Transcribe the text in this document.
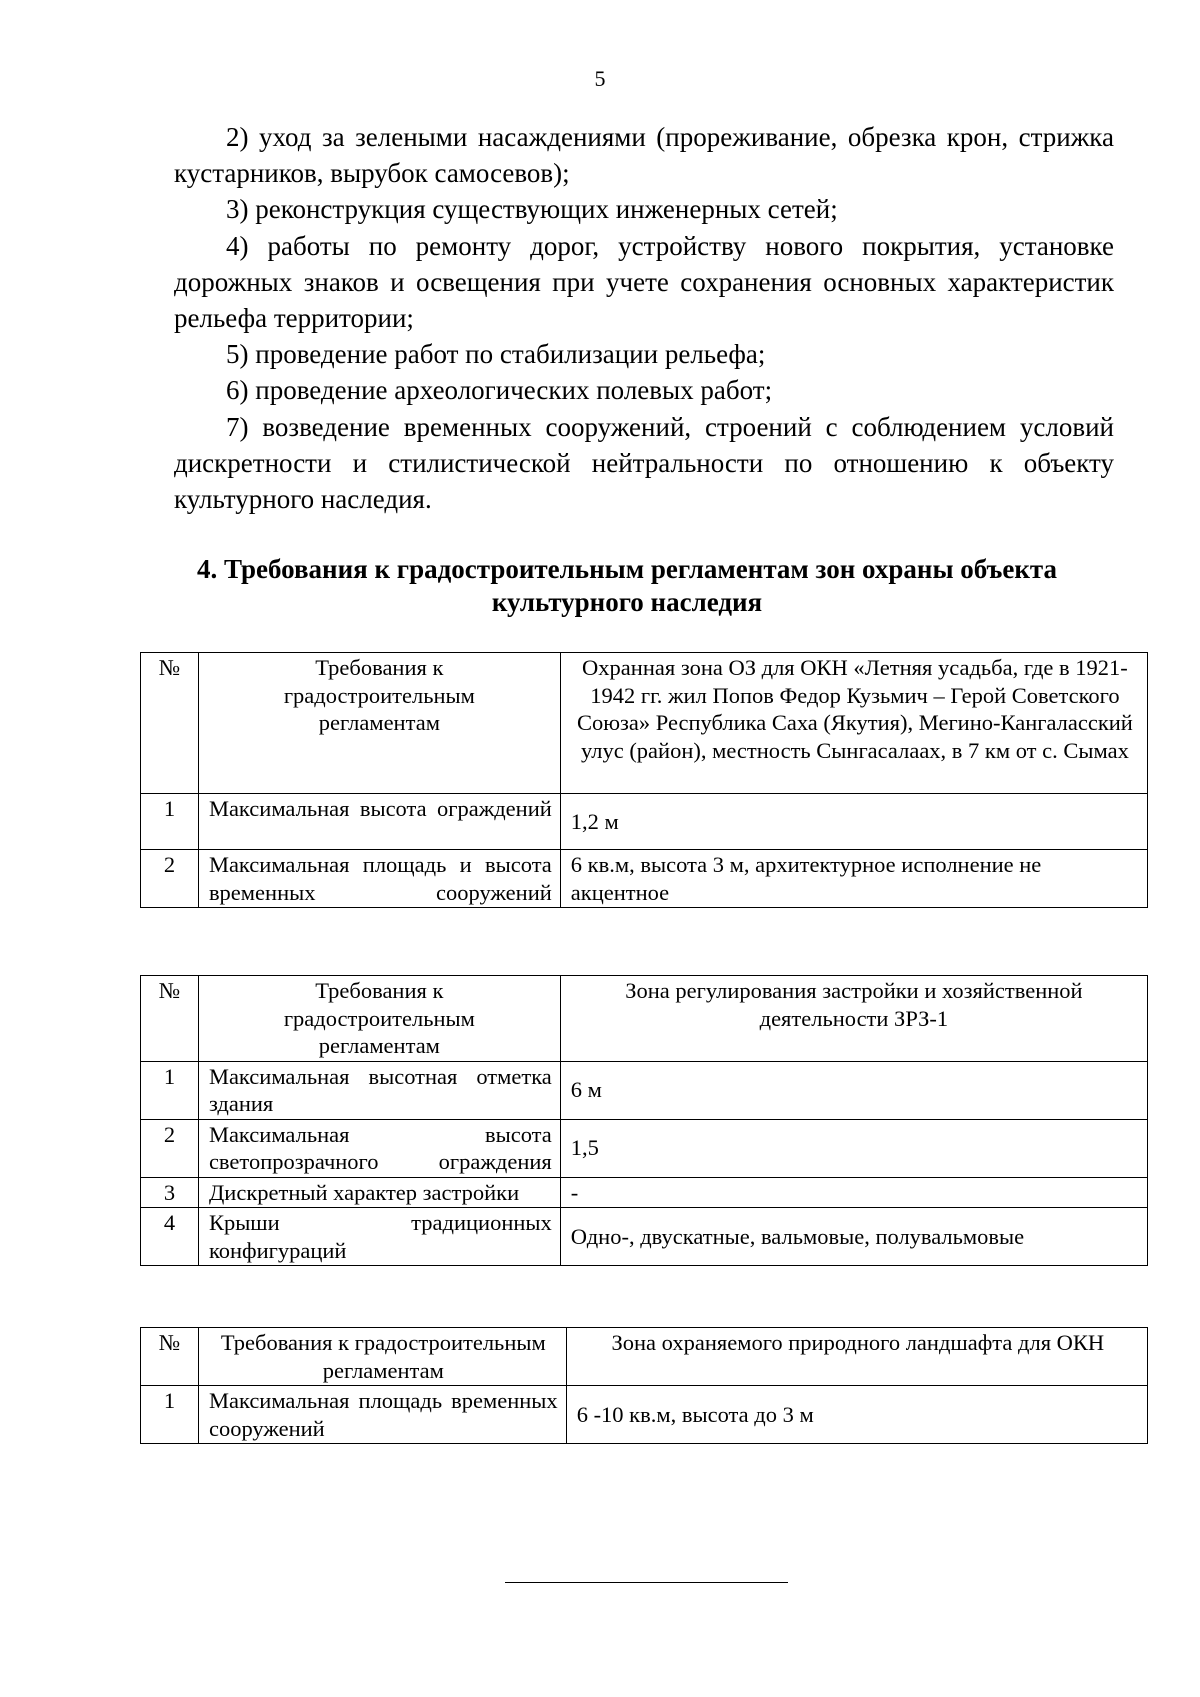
5

2) уход за зелеными насаждениями (прореживание, обрезка крон, стрижка кустарников, вырубок самосевов);

3) реконструкция существующих инженерных сетей;

4) работы по ремонту дорог, устройству нового покрытия, установке дорожных знаков и освещения при учете сохранения основных характеристик рельефа территории;

5) проведение работ по стабилизации рельефа;

6) проведение археологических полевых работ;

7) возведение временных сооружений, строений с соблюдением условий дискретности и стилистической нейтральности по отношению к объекту культурного наследия.

4. Требования к градостроительным регламентам зон охраны объекта
культурного наследия
№	Требования к градостроительным регламентам	Охранная зона ОЗ для ОКН «Летняя усадьба, где в 1921-1942 гг. жил Попов Федор Кузьмич – Герой Советского Союза» Республика Саха (Якутия), Мегино-Кангаласский улус (район), местность Сынгасалаах, в 7 км от с. Сымах
1	Максимальная высота ограждений	1,2 м
2	Максимальная площадь и высота временных сооружений	6 кв.м, высота 3 м, архитектурное исполнение не акцентное
№	Требования к градостроительным регламентам	Зона регулирования застройки и хозяйственной деятельности ЗРЗ-1
1	Максимальная высотная отметка здания	6 м
2	Максимальная высота светопрозрачного ограждения	1,5
3	Дискретный характер застройки	-
4	Крыши традиционных конфигураций	Одно-, двускатные, вальмовые, полувальмовые
№	Требования к градостроительным регламентам	Зона охраняемого природного ландшафта для ОКН
1	Максимальная площадь временных сооружений	6 -10 кв.м, высота до 3 м
